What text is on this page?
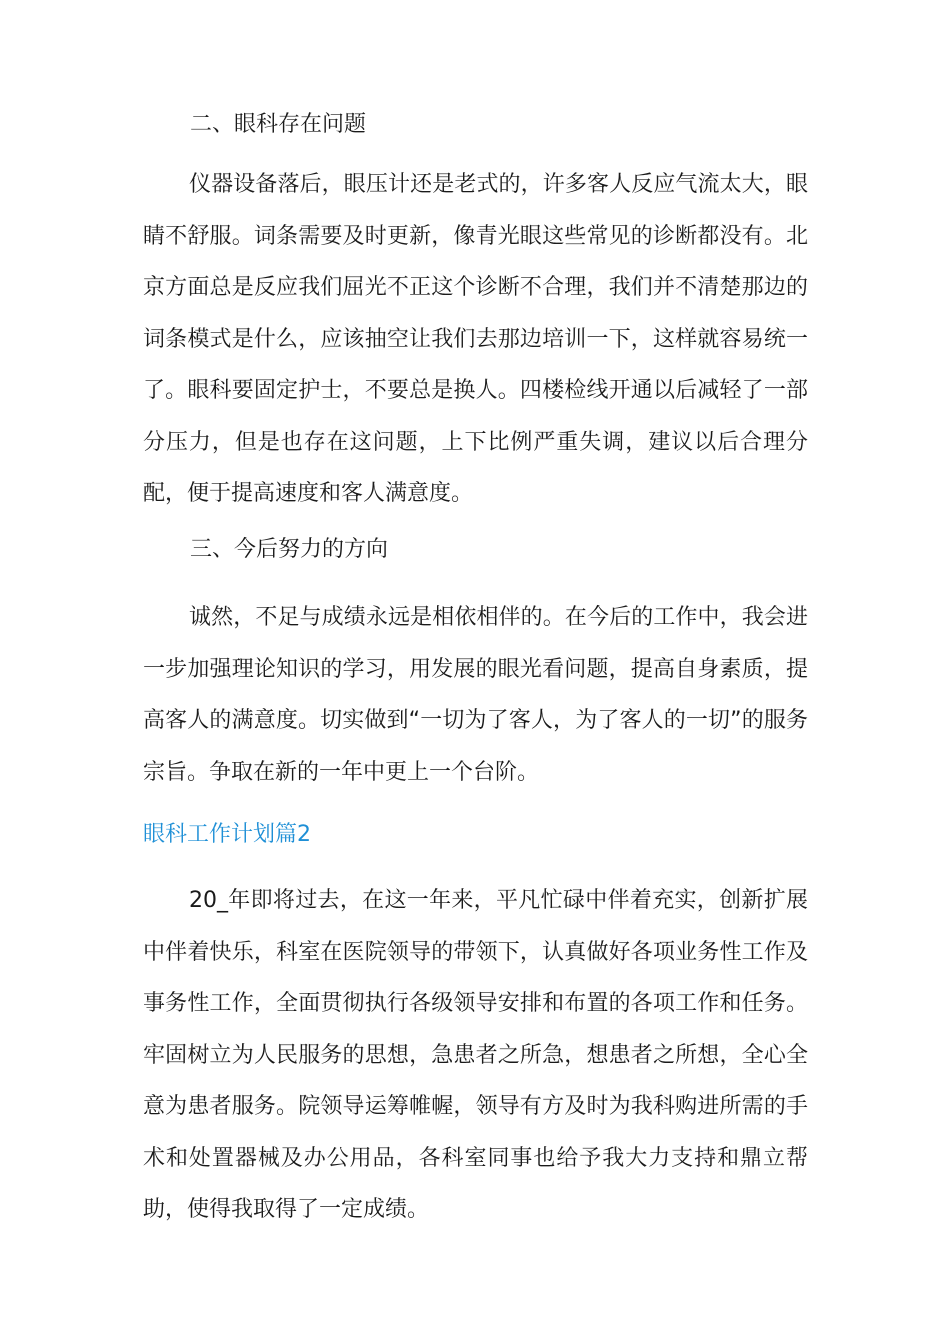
二、眼科存在问题

仪器设备落后，眼压计还是老式的，许多客人反应气流太大，眼睛不舒服。词条需要及时更新，像青光眼这些常见的诊断都没有。北京方面总是反应我们屈光不正这个诊断不合理，我们并不清楚那边的词条模式是什么，应该抽空让我们去那边培训一下，这样就容易统一了。眼科要固定护士，不要总是换人。四楼检线开通以后减轻了一部分压力，但是也存在这问题，上下比例严重失调，建议以后合理分配，便于提高速度和客人满意度。

三、今后努力的方向

诚然，不足与成绩永远是相依相伴的。在今后的工作中，我会进一步加强理论知识的学习，用发展的眼光看问题，提高自身素质，提高客人的满意度。切实做到“一切为了客人，为了客人的一切”的服务宗旨。争取在新的一年中更上一个台阶。

眼科工作计划篇2

20_年即将过去，在这一年来，平凡忙碌中伴着充实，创新扩展中伴着快乐，科室在医院领导的带领下，认真做好各项业务性工作及事务性工作，全面贯彻执行各级领导安排和布置的各项工作和任务。牢固树立为人民服务的思想，急患者之所急，想患者之所想，全心全意为患者服务。院领导运筹帷幄，领导有方及时为我科购进所需的手术和处置器械及办公用品，各科室同事也给予我大力支持和鼎立帮助，使得我取得了一定成绩。
